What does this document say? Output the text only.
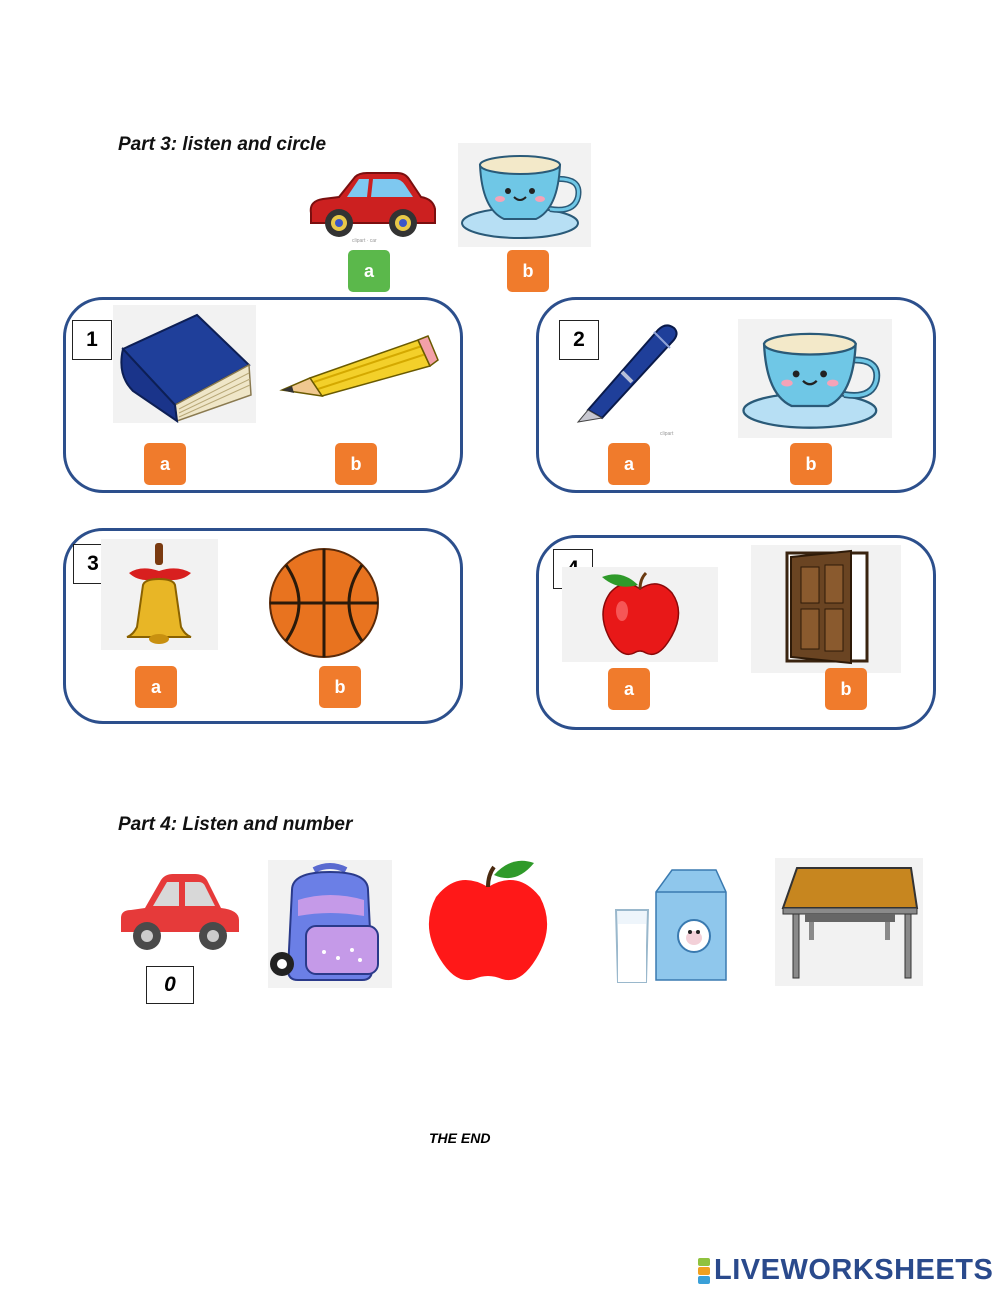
Part 3: listen and circle
clipart · car
a	b
1
a	b
2
clipart
a	b
3
a	b	a	b
Part 4: Listen and number
0
THE END
LIVEWORKSHEETS
